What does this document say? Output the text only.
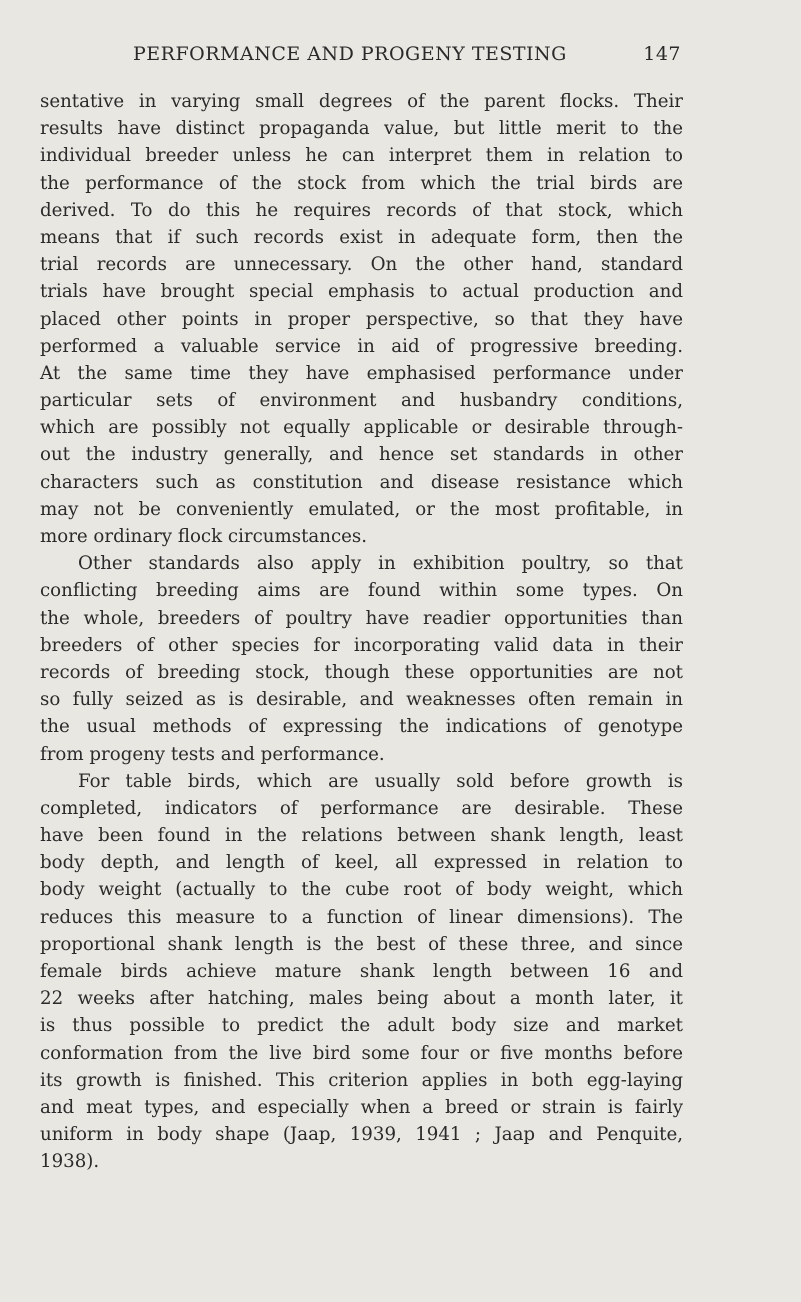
PERFORMANCE AND PROGENY TESTING	147
sentative in varying small degrees of the parent flocks. Their
results have distinct propaganda value, but little merit to the
individual breeder unless he can interpret them in relation to
the performance of the stock from which the trial birds are
derived. To do this he requires records of that stock, which
means that if such records exist in adequate form, then the
trial records are unnecessary. On the other hand, standard
trials have brought special emphasis to actual production and
placed other points in proper perspective, so that they have
performed a valuable service in aid of progressive breeding.
At the same time they have emphasised performance under
particular sets of environment and husbandry conditions,
which are possibly not equally applicable or desirable through-
out the industry generally, and hence set standards in other
characters such as constitution and disease resistance which
may not be conveniently emulated, or the most profitable, in
more ordinary flock circumstances.
Other standards also apply in exhibition poultry, so that
conflicting breeding aims are found within some types. On
the whole, breeders of poultry have readier opportunities than
breeders of other species for incorporating valid data in their
records of breeding stock, though these opportunities are not
so fully seized as is desirable, and weaknesses often remain in
the usual methods of expressing the indications of genotype
from progeny tests and performance.
For table birds, which are usually sold before growth is
completed, indicators of performance are desirable. These
have been found in the relations between shank length, least
body depth, and length of keel, all expressed in relation to
body weight (actually to the cube root of body weight, which
reduces this measure to a function of linear dimensions). The
proportional shank length is the best of these three, and since
female birds achieve mature shank length between 16 and
22 weeks after hatching, males being about a month later, it
is thus possible to predict the adult body size and market
conformation from the live bird some four or five months before
its growth is finished. This criterion applies in both egg-laying
and meat types, and especially when a breed or strain is fairly
uniform in body shape (Jaap, 1939, 1941 ; Jaap and Penquite,
1938).
